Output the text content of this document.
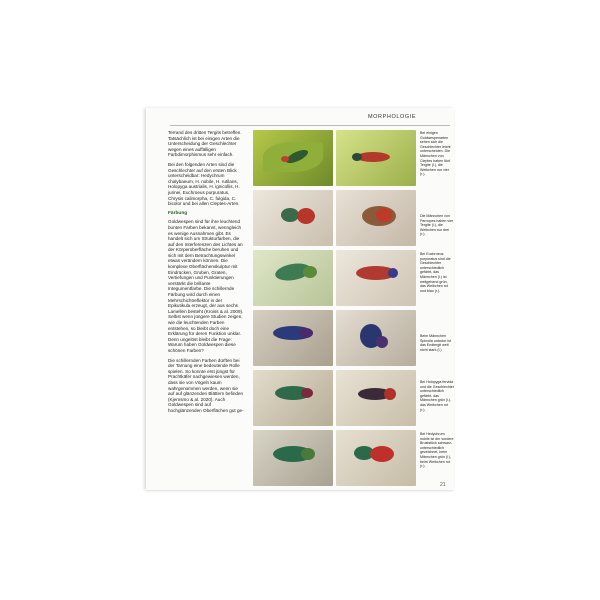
MORPHOLOGIE

Terrand des dritten Tergits betreffen. Tatsächlich ist bei einigen Arten die Unterscheidung der Geschlechter wegen eines auffälligen Farbdimorphismus sehr einfach.

Bei den folgenden Arten sind die Geschlechter auf den ersten Blick unterscheidbar: Hedychrum chalybaeum, H. nobile, H. rutilans, Holopyga austrialis, H. ignicollis, H. jurinei, Euchroeus purpuratus, Chrysis calimorpha, C. fulgida, C. bicolor und bei allen Cleptes-Arten.

Färbung

Goldwespen sind für ihre leuchtend bunten Farben bekannt, wenngleich es wenige Ausnahmen gibt. Es handelt sich um Strukturfarben, die auf den Interferenzen des Lichtes an der Körperoberfläche beruhen und sich mit dem Betrachtungswinkel etwas verändern können. Die komplexe Oberflächenskulptur mit Eindrücken, Gruben, Graten, Vertiefungen und Punktierungen verstärkt die brillante Integumentfarbe. Die schillernde Färbung wird durch einen Mehrschichtreflektor in der Epikutikula erzeugt, der aus sechs Lamellen besteht (Kroiss & al. 2009). Selbst wenn jüngere Studien zeigen, wie die leuchtenden Farben entstehen, so bleibt doch eine Erklärung für deren Funktion unklar. Denn ungelöst bleibt die Frage: Warum haben Goldwespen diese schönen Farben?

Die schillernden Farben dürften bei der Tarnung eine bedeutende Rolle spielen. So konnte erst jüngst für Prachtkäfer nachgewiesen werden, dass sie von Vögeln kaum wahrgenommen werden, wenn sie auf auf glänzenden Blättern befinden (Kjernsmo & al. 2020). Auch Goldwespen sind auf hochglänzenden Oberflächen gut ge-

Bei einigen Goldwespenarten sehen sich die Geschlechter leicht unterscheiden. Die Männchen von Cleptes haben fünf Tergite (l.), die Weibchen nur vier (r.).
Die Männchen von Parnopes haben vier Tergite (l.), die Weibchen nur drei (r.).
Bei Euchroeus purpuratus sind die Geschlechter unterschiedlich gefärbt, das Männchen (l.) ist weitgehend grün, das Weibchen rot und blau (r.).
Beim Männchen Spinolia unicolor ist das Endtergit weit nicht stark (l.)
Bei Holopyga fervida und die Geschlechter unterschiedlich gefärbt, das Männchen grün (l.), das Weibchen rot (r.).
Bei Hedychrum nobile ist der vordere Bruststück schwarz-unterschiedlich gezeichnet, beim Männchen grün (l.), beim Weibchen rot (r.).
21
